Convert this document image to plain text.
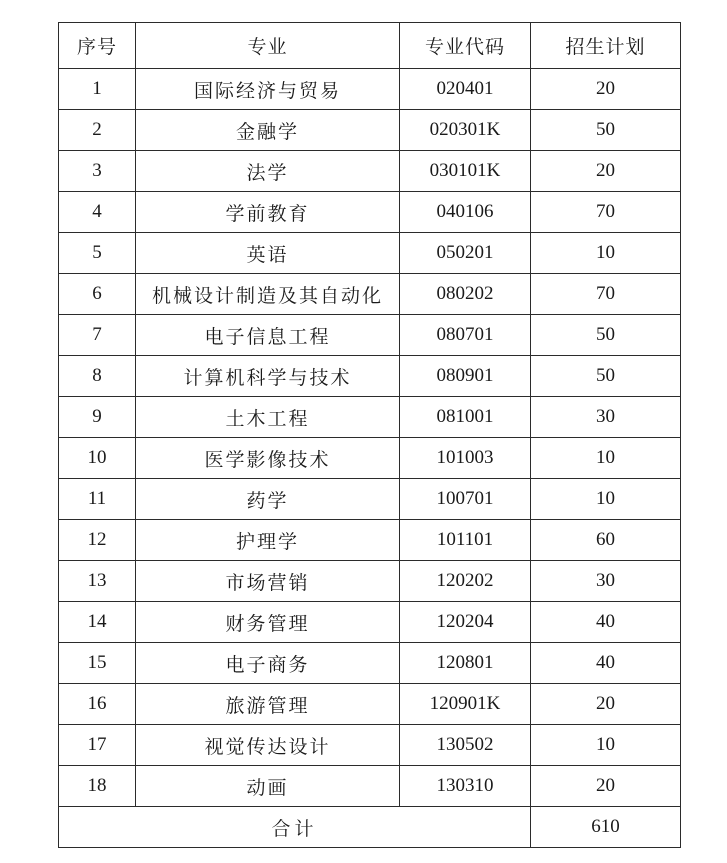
序号	专业	专业代码	招生计划
1	国际经济与贸易	020401	20
2	金融学	020301K	50
3	法学	030101K	20
4	学前教育	040106	70
5	英语	050201	10
6	机械设计制造及其自动化	080202	70
7	电子信息工程	080701	50
8	计算机科学与技术	080901	50
9	土木工程	081001	30
10	医学影像技术	101003	10
11	药学	100701	10
12	护理学	101101	60
13	市场营销	120202	30
14	财务管理	120204	40
15	电子商务	120801	40
16	旅游管理	120901K	20
17	视觉传达设计	130502	10
18	动画	130310	20
合计			610
